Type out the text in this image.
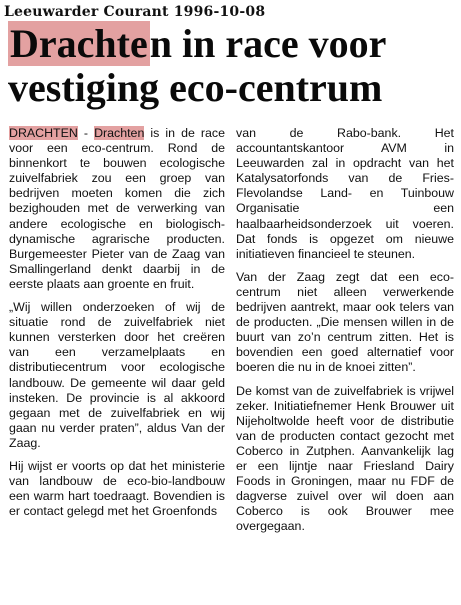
Leeuwarder Courant 1996-10-08
Drachten in race voor
vestiging eco-centrum

DRACHTEN - Drachten is in de race voor een eco-centrum. Rond de binnenkort te bouwen ecologische zuivelfabriek zou een groep van bedrijven moeten komen die zich bezighouden met de verwerking van andere ecologische en biologisch-dynamische agrarische producten. Burgemeester Pieter van de Zaag van Smallingerland denkt daarbij in de eerste plaats aan groente en fruit.

„Wij willen onderzoeken of wij de situatie rond de zuivelfabriek niet kunnen versterken door het creëren van een verzamelplaats en distributiecentrum voor ecologische landbouw. De gemeente wil daar geld insteken. De provincie is al akkoord gegaan met de zuivelfabriek en wij gaan nu verder praten”, aldus Van der Zaag.

Hij wijst er voorts op dat het ministerie van landbouw de eco-bio-landbouw een warm hart toedraagt. Bovendien is er contact gelegd met het Groenfonds

van de Rabo-bank. Het accountantskantoor AVM in Leeuwarden zal in opdracht van het Katalysatorfonds van de Fries-Flevolandse Land- en Tuinbouw Organisatie een haalbaarheidsonderzoek uit voeren. Dat fonds is opgezet om nieuwe initiatieven financieel te steunen.

Van der Zaag zegt dat een eco-centrum niet alleen verwerkende bedrijven aantrekt, maar ook telers van de producten. „Die mensen willen in de buurt van zo’n centrum zitten. Het is bovendien een goed alternatief voor boeren die nu in de knoei zitten”.

De komst van de zuivelfabriek is vrijwel zeker. Initiatiefnemer Henk Brouwer uit Nijeholtwolde heeft voor de distributie van de producten contact gezocht met Coberco in Zutphen. Aanvankelijk lag er een lijntje naar Friesland Dairy Foods in Groningen, maar nu FDF de dagverse zuivel over wil doen aan Coberco is ook Brouwer mee overgegaan.
